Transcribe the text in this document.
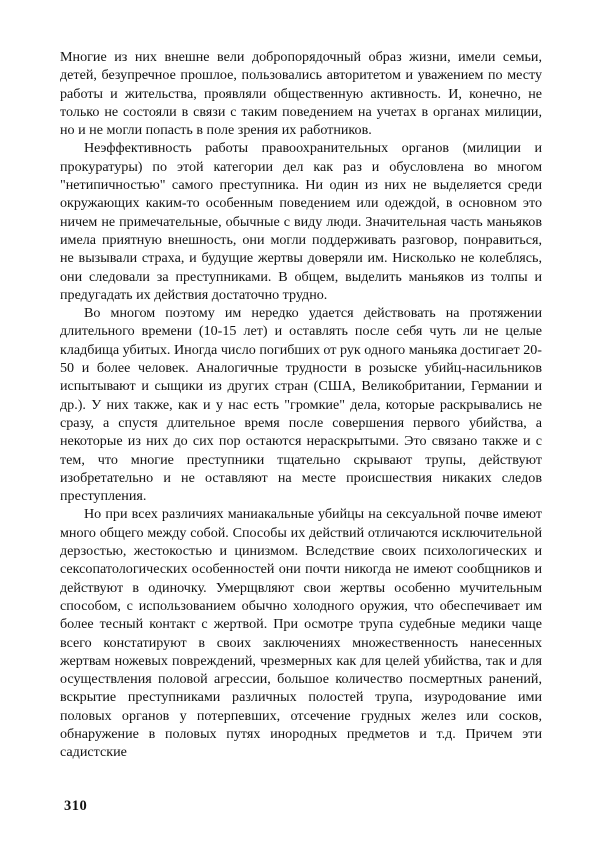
Многие из них внешне вели добропорядочный образ жизни, имели семьи, детей, безупречное прошлое, пользовались авторитетом и уважением по месту работы и жительства, проявляли общественную активность. И, конечно, не только не состояли в связи с таким поведением на учетах в органах милиции, но и не могли попасть в поле зрения их работников.

Неэффективность работы правоохранительных органов (милиции и прокуратуры) по этой категории дел как раз и обусловлена во многом "нетипичностью" самого преступника. Ни один из них не выделяется среди окружающих каким-то особенным поведением или одеждой, в основном это ничем не примечательные, обычные с виду люди. Значительная часть маньяков имела приятную внешность, они могли поддерживать разговор, понравиться, не вызывали страха, и будущие жертвы доверяли им. Нисколько не колеблясь, они следовали за преступниками. В общем, выделить маньяков из толпы и предугадать их действия достаточно трудно.

Во многом поэтому им нередко удается действовать на протяжении длительного времени (10-15 лет) и оставлять после себя чуть ли не целые кладбища убитых. Иногда число погибших от рук одного маньяка достигает 20-50 и более человек. Аналогичные трудности в розыске убийц-насильников испытывают и сыщики из других стран (США, Великобритании, Германии и др.). У них также, как и у нас есть "громкие" дела, которые раскрывались не сразу, а спустя длительное время после совершения первого убийства, а некоторые из них до сих пор остаются нераскрытыми. Это связано также и с тем, что многие преступники тщательно скрывают трупы, действуют изобретательно и не оставляют на месте происшествия никаких следов преступления.

Но при всех различиях маниакальные убийцы на сексуальной почве имеют много общего между собой. Способы их действий отличаются исключительной дерзостью, жестокостью и цинизмом. Вследствие своих психологических и сексопатологических особенностей они почти никогда не имеют сообщников и действуют в одиночку. Умерщвляют свои жертвы особенно мучительным способом, с использованием обычно холодного оружия, что обеспечивает им более тесный контакт с жертвой. При осмотре трупа судебные медики чаще всего констатируют в своих заключениях множественность нанесенных жертвам ножевых повреждений, чрезмерных как для целей убийства, так и для осуществления половой агрессии, большое количество посмертных ранений, вскрытие преступниками различных полостей трупа, изуродование ими половых органов у потерпевших, отсечение грудных желез или сосков, обнаружение в половых путях инородных предметов и т.д. Причем эти садистские

310
